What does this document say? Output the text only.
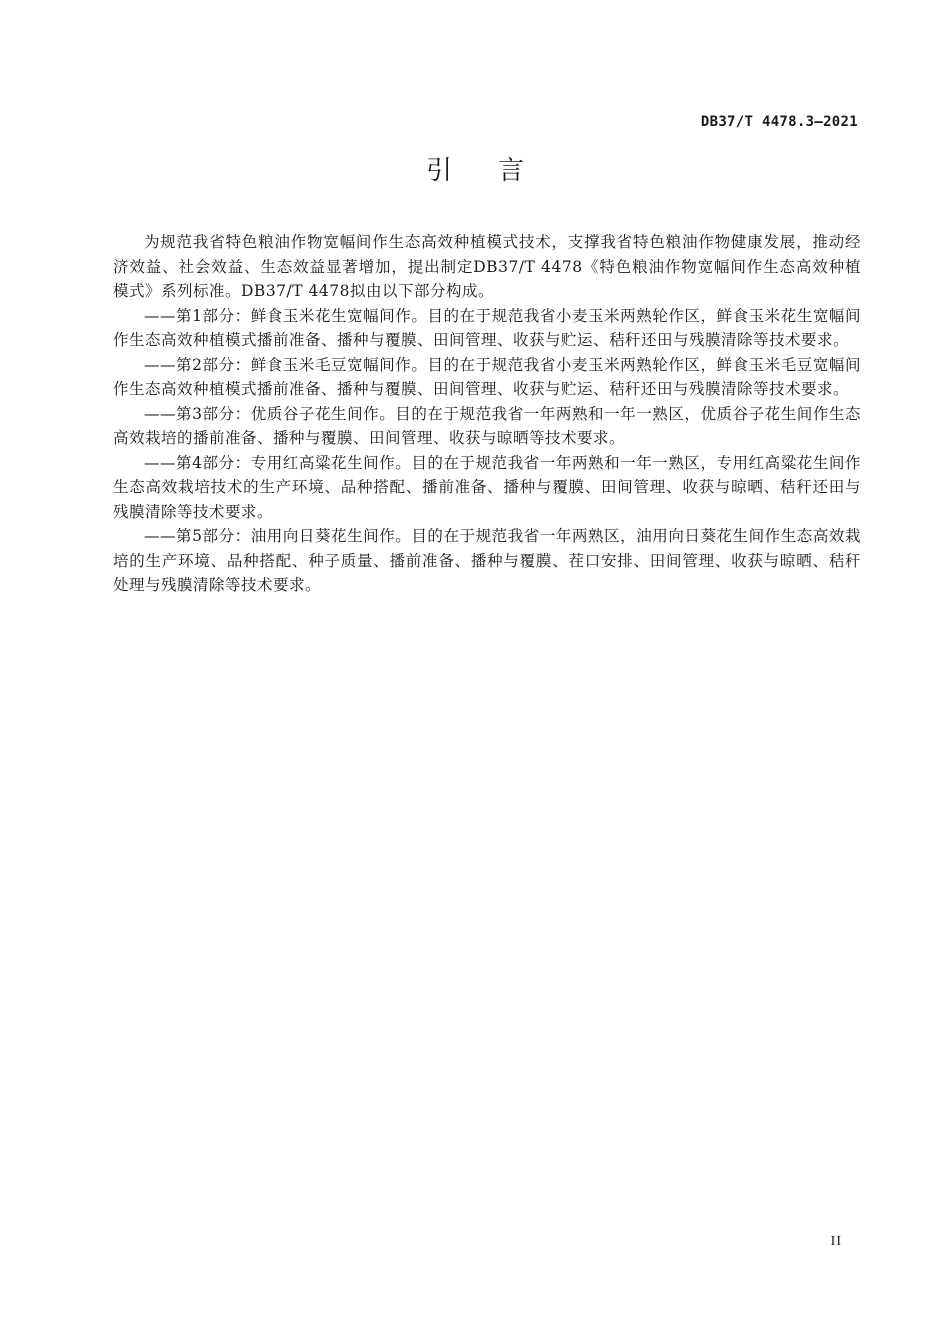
DB37/T 4478.3—2021
引言

为规范我省特色粮油作物宽幅间作生态高效种植模式技术，支撑我省特色粮油作物健康发展，推动经济效益、社会效益、生态效益显著增加，提出制定DB37/T 4478《特色粮油作物宽幅间作生态高效种植模式》系列标准。DB37/T 4478拟由以下部分构成。

——第1部分：鲜食玉米花生宽幅间作。目的在于规范我省小麦玉米两熟轮作区，鲜食玉米花生宽幅间作生态高效种植模式播前准备、播种与覆膜、田间管理、收获与贮运、秸秆还田与残膜清除等技术要求。

——第2部分：鲜食玉米毛豆宽幅间作。目的在于规范我省小麦玉米两熟轮作区，鲜食玉米毛豆宽幅间作生态高效种植模式播前准备、播种与覆膜、田间管理、收获与贮运、秸秆还田与残膜清除等技术要求。

——第3部分：优质谷子花生间作。目的在于规范我省一年两熟和一年一熟区，优质谷子花生间作生态高效栽培的播前准备、播种与覆膜、田间管理、收获与晾晒等技术要求。

——第4部分：专用红高粱花生间作。目的在于规范我省一年两熟和一年一熟区，专用红高粱花生间作生态高效栽培技术的生产环境、品种搭配、播前准备、播种与覆膜、田间管理、收获与晾晒、秸秆还田与残膜清除等技术要求。

——第5部分：油用向日葵花生间作。目的在于规范我省一年两熟区，油用向日葵花生间作生态高效栽培的生产环境、品种搭配、种子质量、播前准备、播种与覆膜、茬口安排、田间管理、收获与晾晒、秸秆处理与残膜清除等技术要求。

II
